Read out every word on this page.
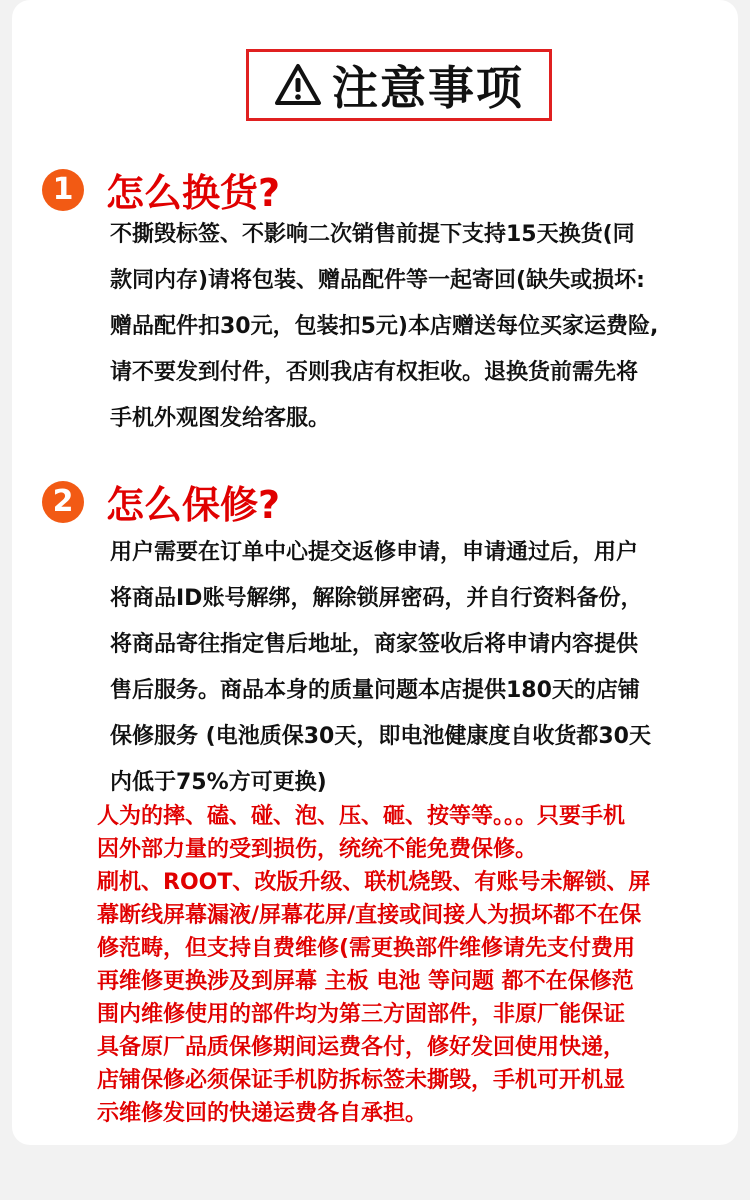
注意事项
1 怎么换货?
不撕毁标签、不影响二次销售前提下支持15天换货(同
款同内存)请将包装、赠品配件等一起寄回(缺失或损坏:
赠品配件扣30元，包装扣5元)本店赠送每位买家运费险,
请不要发到付件，否则我店有权拒收。退换货前需先将
手机外观图发给客服。
2 怎么保修?
用户需要在订单中心提交返修申请，申请通过后，用户
将商品ID账号解绑，解除锁屏密码，并自行资料备份，
将商品寄往指定售后地址，商家签收后将申请内容提供
售后服务。商品本身的质量问题本店提供180天的店铺
保修服务 (电池质保30天，即电池健康度自收货都30天
内低于75%方可更换)
人为的摔、磕、碰、泡、压、砸、按等等。。。只要手机
因外部力量的受到损伤，统统不能免费保修。
刷机、ROOT、改版升级、联机烧毁、有账号未解锁、屏
幕断线屏幕漏液/屏幕花屏/直接或间接人为损坏都不在保
修范畴，但支持自费维修(需更换部件维修请先支付费用
再维修更换涉及到屏幕 主板 电池 等问题 都不在保修范
围内维修使用的部件均为第三方固部件，非原厂能保证
具备原厂品质保修期间运费各付，修好发回使用快递，
店铺保修必须保证手机防拆标签未撕毁，手机可开机显
示维修发回的快递运费各自承担。
